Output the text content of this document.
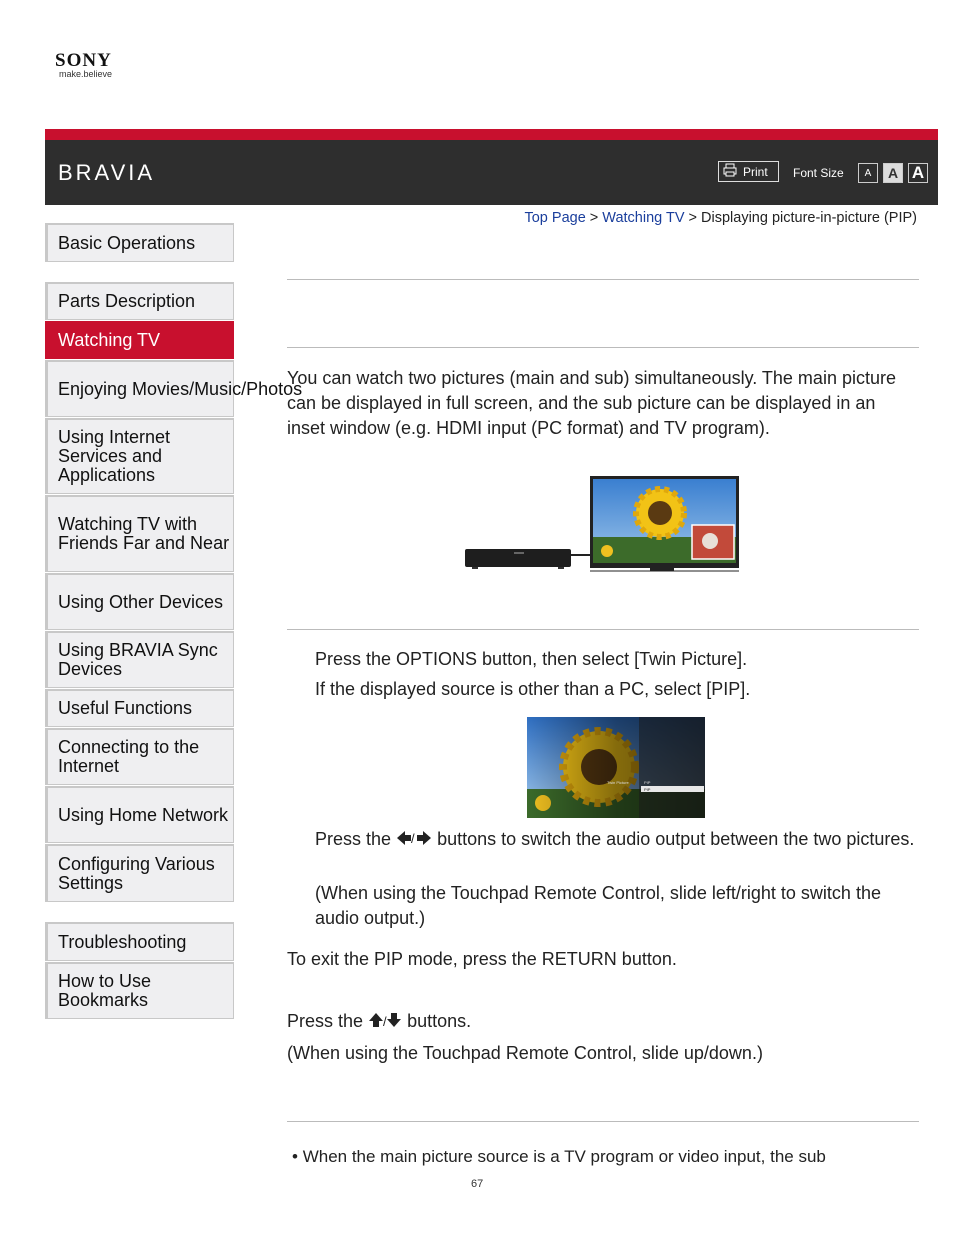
SONY
make.believe
BRAVIA	Print Font Size	A	A A
Top Page > Watching TV > Displaying picture-in-picture (PIP)
Basic Operations
Parts Description
Watching TV
Enjoying Movies/Music/Photos
Using Internet Services and Applications
Watching TV with Friends Far and Near
Using Other Devices
Using BRAVIA Sync Devices
Useful Functions
Connecting to the Internet
Using Home Network
Configuring Various Settings
Troubleshooting
How to Use Bookmarks
You can watch two pictures (main and sub) simultaneously. The main picture can be displayed in full screen, and the sub picture can be displayed in an inset window (e.g. HDMI input (PC format) and TV program).
Press the OPTIONS button, then select [Twin Picture].
If the displayed source is other than a PC, select [PIP].
Twin Picture	PIP
PIP
Press the / buttons to switch the audio output between the two pictures.
(When using the Touchpad Remote Control, slide left/right to switch the audio output.)
To exit the PIP mode, press the RETURN button.
Press the / buttons.
(When using the Touchpad Remote Control, slide up/down.)
• When the main picture source is a TV program or video input, the sub
67
